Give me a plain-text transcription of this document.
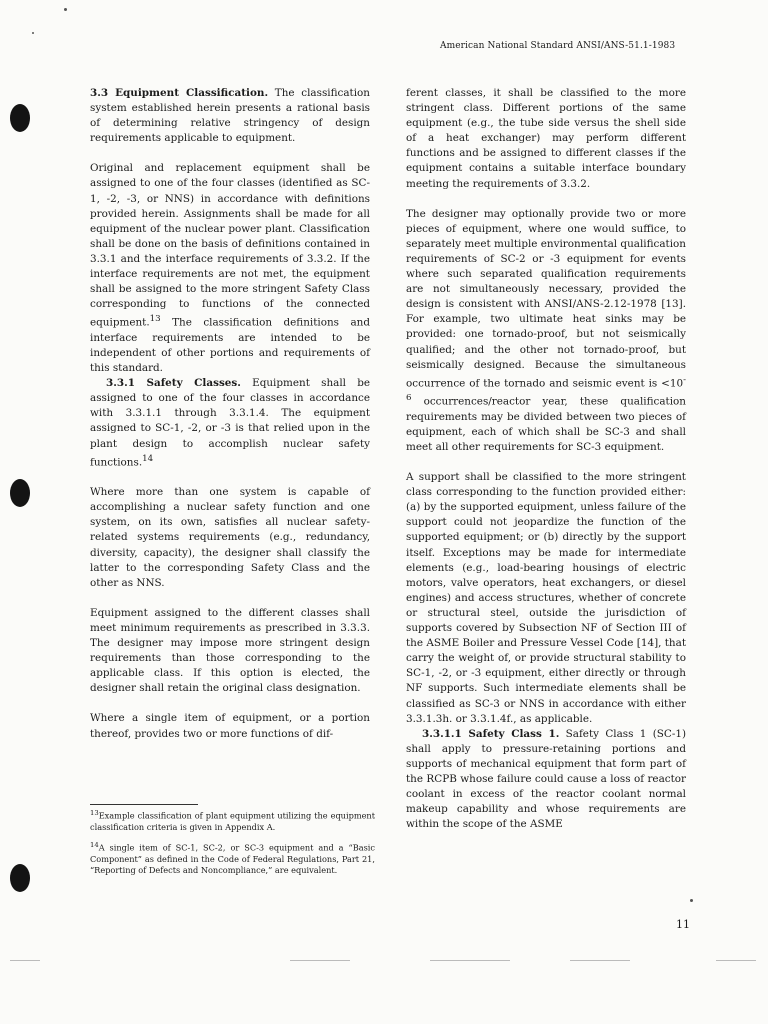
American National Standard ANSI/ANS-51.1-1983

3.3 Equipment Classification. The classification system established herein presents a rational basis of determining relative stringency of design requirements applicable to equipment.

Original and replacement equipment shall be assigned to one of the four classes (identified as SC-1, -2, -3, or NNS) in accordance with definitions provided herein. Assignments shall be made for all equipment of the nuclear power plant. Classification shall be done on the basis of definitions contained in 3.3.1 and the interface requirements of 3.3.2. If the interface requirements are not met, the equipment shall be assigned to the more stringent Safety Class corresponding to functions of the connected equipment.$^{13}$ The classification definitions and interface requirements are intended to be independent of other portions and requirements of this standard.

3.3.1 Safety Classes. Equipment shall be assigned to one of the four classes in accordance with 3.3.1.1 through 3.3.1.4. The equipment assigned to SC-1, -2, or -3 is that relied upon in the plant design to accomplish nuclear safety functions.$^{14}$

Where more than one system is capable of accomplishing a nuclear safety function and one system, on its own, satisfies all nuclear safety-related systems requirements (e.g., redundancy, diversity, capacity), the designer shall classify the latter to the corresponding Safety Class and the other as NNS.

Equipment assigned to the different classes shall meet minimum requirements as prescribed in 3.3.3. The designer may impose more stringent design requirements than those corresponding to the applicable class. If this option is elected, the designer shall retain the original class designation.

Where a single item of equipment, or a portion thereof, provides two or more functions of dif-

$^{13}$Example classification of plant equipment utilizing the equipment classification criteria is given in Appendix A.

$^{14}$A single item of SC-1, SC-2, or SC-3 equipment and a “Basic Component” as defined in the Code of Federal Regulations, Part 21, “Reporting of Defects and Noncompliance,” are equivalent.

ferent classes, it shall be classified to the more stringent class. Different portions of the same equipment (e.g., the tube side versus the shell side of a heat exchanger) may perform different functions and be assigned to different classes if the equipment contains a suitable interface boundary meeting the requirements of 3.3.2.

The designer may optionally provide two or more pieces of equipment, where one would suffice, to separately meet multiple environmental qualification requirements of SC-2 or -3 equipment for events where such separated qualification requirements are not simultaneously necessary, provided the design is consistent with ANSI/ANS-2.12-1978 [13]. For example, two ultimate heat sinks may be provided: one tornado-proof, but not seismically qualified; and the other not tornado-proof, but seismically designed. Because the simultaneous occurrence of the tornado and seismic event is $<10^{-6}$ occurrences/reactor year, these qualification requirements may be divided between two pieces of equipment, each of which shall be SC-3 and shall meet all other requirements for SC-3 equipment.

A support shall be classified to the more stringent class corresponding to the function provided either: (a) by the supported equipment, unless failure of the support could not jeopardize the function of the supported equipment; or (b) directly by the support itself. Exceptions may be made for intermediate elements (e.g., load-bearing housings of electric motors, valve operators, heat exchangers, or diesel engines) and access structures, whether of concrete or structural steel, outside the jurisdiction of supports covered by Subsection NF of Section III of the ASME Boiler and Pressure Vessel Code [14], that carry the weight of, or provide structural stability to SC-1, -2, or -3 equipment, either directly or through NF supports. Such intermediate elements shall be classified as SC-3 or NNS in accordance with either 3.3.1.3h. or 3.3.1.4f., as applicable.

3.3.1.1 Safety Class 1. Safety Class 1 (SC-1) shall apply to pressure-retaining portions and supports of mechanical equipment that form part of the RCPB whose failure could cause a loss of reactor coolant in excess of the reactor coolant normal makeup capability and whose requirements are within the scope of the ASME

11
